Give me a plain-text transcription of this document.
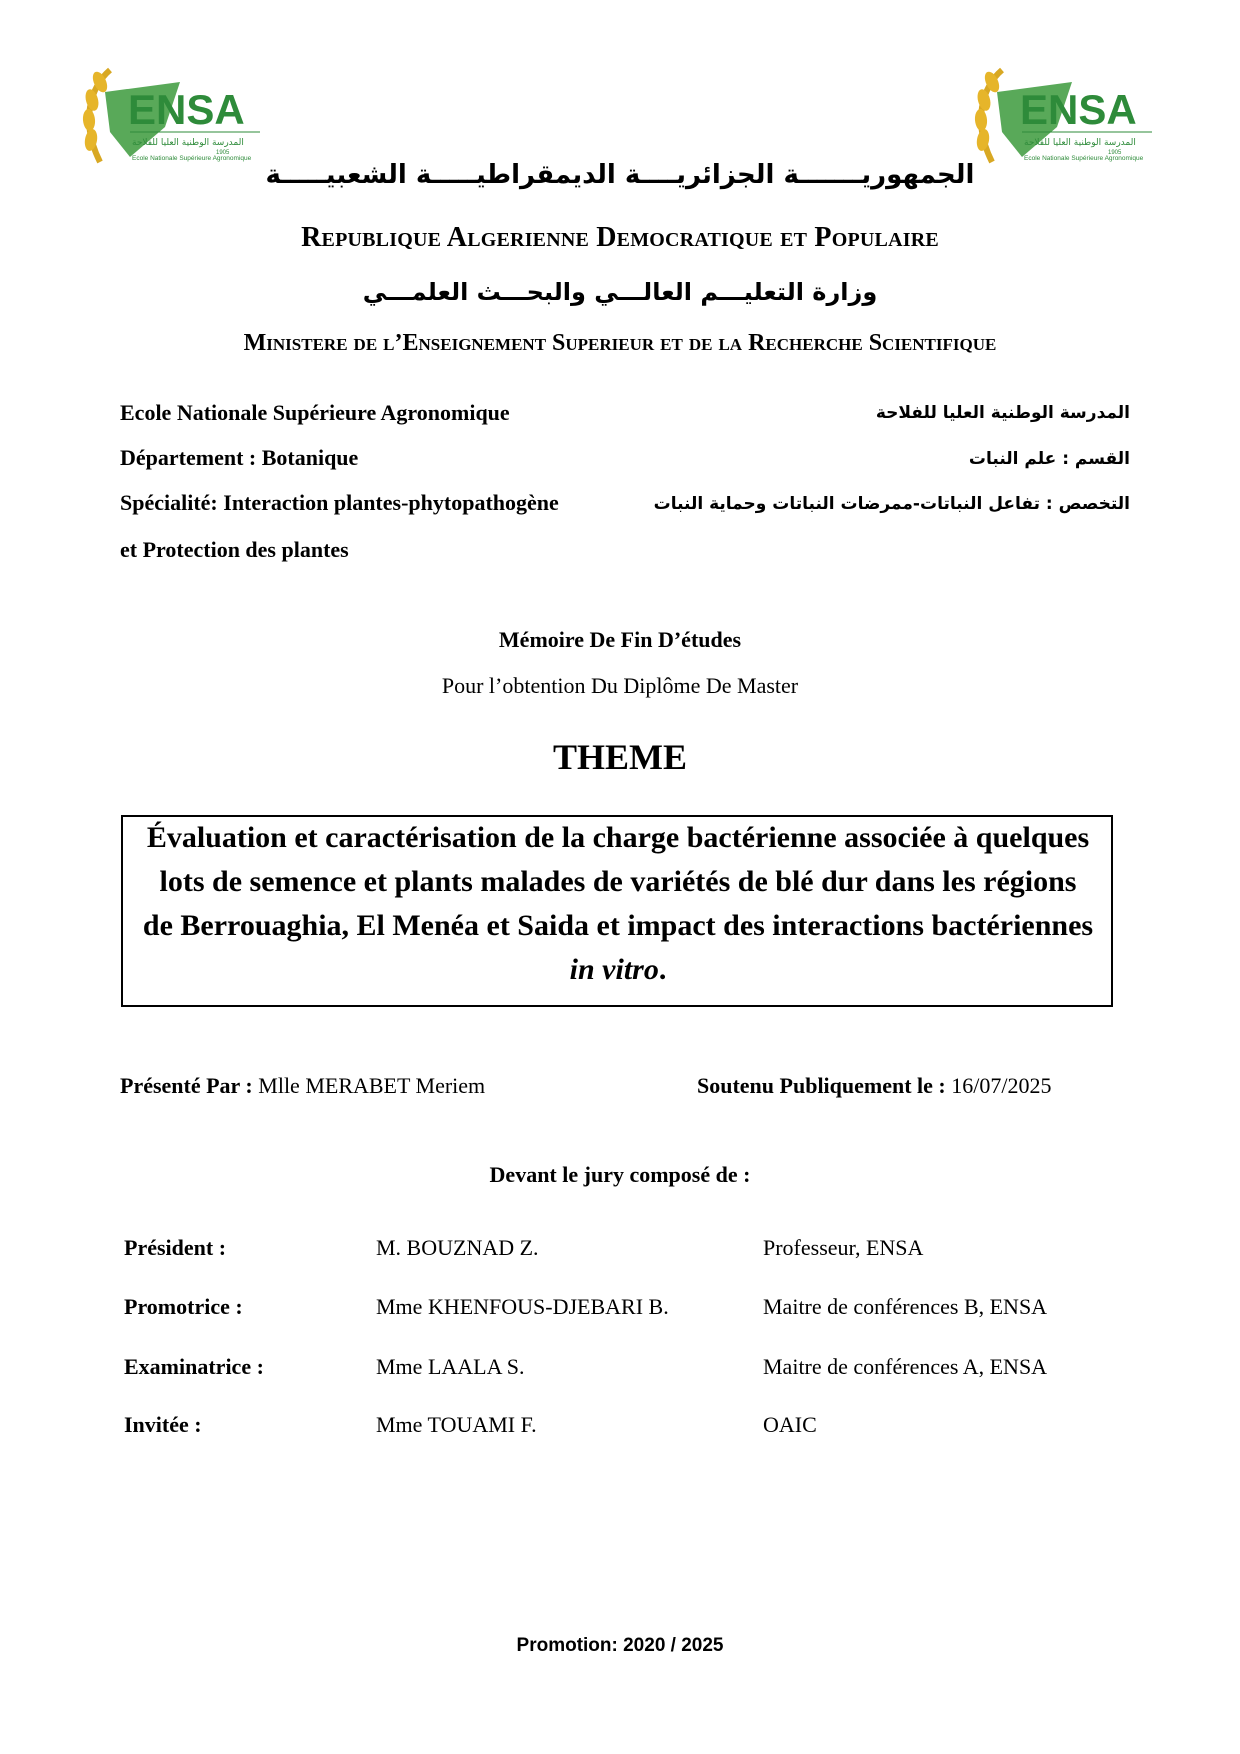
ENSA
المدرسة الوطنية العليا للفلاحة
1905
Ecole Nationale Supérieure Agronomique
ENSA
المدرسة الوطنية العليا للفلاحة
1905
Ecole Nationale Supérieure Agronomique
الجمهوريـــــــة الجزائريــــة الديمقراطيـــــة الشعبيـــــة
Republique Algerienne Democratique et Populaire
وزارة التعليـــم العالـــي والبحـــث العلمـــي
Ministere de l’Enseignement Superieur et de la Recherche Scientifique
Ecole Nationale Supérieure Agronomique
Département : Botanique
Spécialité: Interaction plantes-phytopathogène
et Protection des plantes
المدرسة الوطنية العليا للفلاحة
القسم : علم النبات
التخصص : تفاعل النباتات-ممرضات النباتات وحماية النبات
Mémoire De Fin D’études
Pour l’obtention Du Diplôme De Master
THEME
Évaluation et caractérisation de la charge bactérienne associée à quelques lots de semence et plants malades de variétés de blé dur dans les régions de Berrouaghia, El Menéa et Saida et impact des interactions bactériennes in vitro.
Présenté Par : Mlle MERABET Meriem	Soutenu Publiquement le : 16/07/2025
Devant le jury composé de :
Président :	M. BOUZNAD Z.	Professeur, ENSA
Promotrice :	Mme KHENFOUS-DJEBARI B.	Maitre de conférences B, ENSA
Examinatrice :	Mme LAALA S.	Maitre de conférences A, ENSA
Invitée :	Mme TOUAMI F.	OAIC
Promotion: 2020 / 2025
